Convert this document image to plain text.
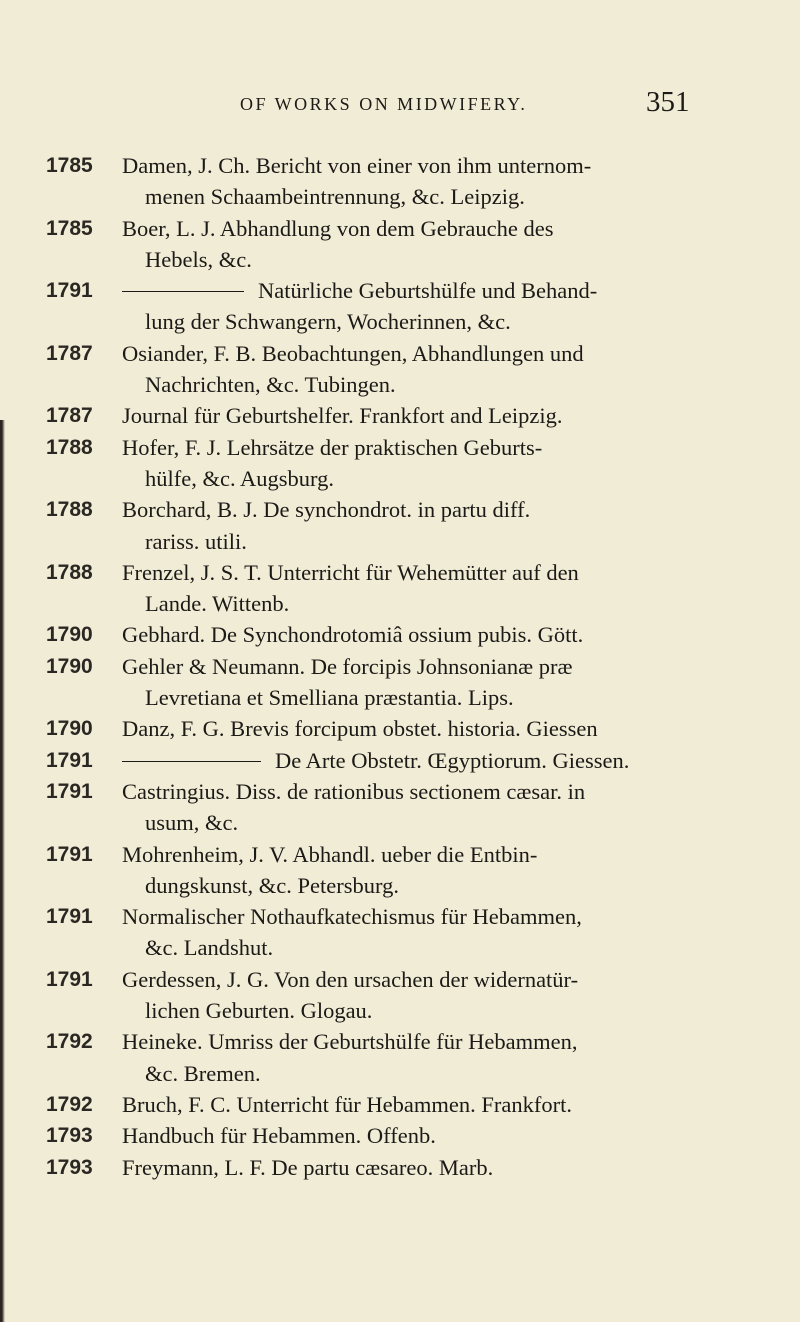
OF WORKS ON MIDWIFERY.	351
1785	Damen, J. Ch. Bericht von einer von ihm unternom-
menen Schaambeintrennung, &c. Leipzig.
1785	Boer, L. J. Abhandlung von dem Gebrauche des
Hebels, &c.
1791	Natürliche Geburtshülfe und Behand-
lung der Schwangern, Wocherinnen, &c.
1787	Osiander, F. B. Beobachtungen, Abhandlungen und
Nachrichten, &c. Tubingen.
1787	Journal für Geburtshelfer. Frankfort and Leipzig.
1788	Hofer, F. J. Lehrsätze der praktischen Geburts-
hülfe, &c. Augsburg.
1788	Borchard, B. J. De synchondrot. in partu diff.
rariss. utili.
1788	Frenzel, J. S. T. Unterricht für Wehemütter auf den
Lande. Wittenb.
1790	Gebhard. De Synchondrotomiâ ossium pubis. Gött.
1790	Gehler & Neumann. De forcipis Johnsonianæ præ
Levretiana et Smelliana præstantia. Lips.
1790	Danz, F. G. Brevis forcipum obstet. historia. Giessen
1791	De Arte Obstetr. Œgyptiorum. Giessen.
1791	Castringius. Diss. de rationibus sectionem cæsar. in
usum, &c.
1791	Mohrenheim, J. V. Abhandl. ueber die Entbin-
dungskunst, &c. Petersburg.
1791	Normalischer Nothaufkatechismus für Hebammen,
&c. Landshut.
1791	Gerdessen, J. G. Von den ursachen der widernatür-
lichen Geburten. Glogau.
1792	Heineke. Umriss der Geburtshülfe für Hebammen,
&c. Bremen.
1792	Bruch, F. C. Unterricht für Hebammen. Frankfort.
1793	Handbuch für Hebammen. Offenb.
1793	Freymann, L. F. De partu cæsareo. Marb.
